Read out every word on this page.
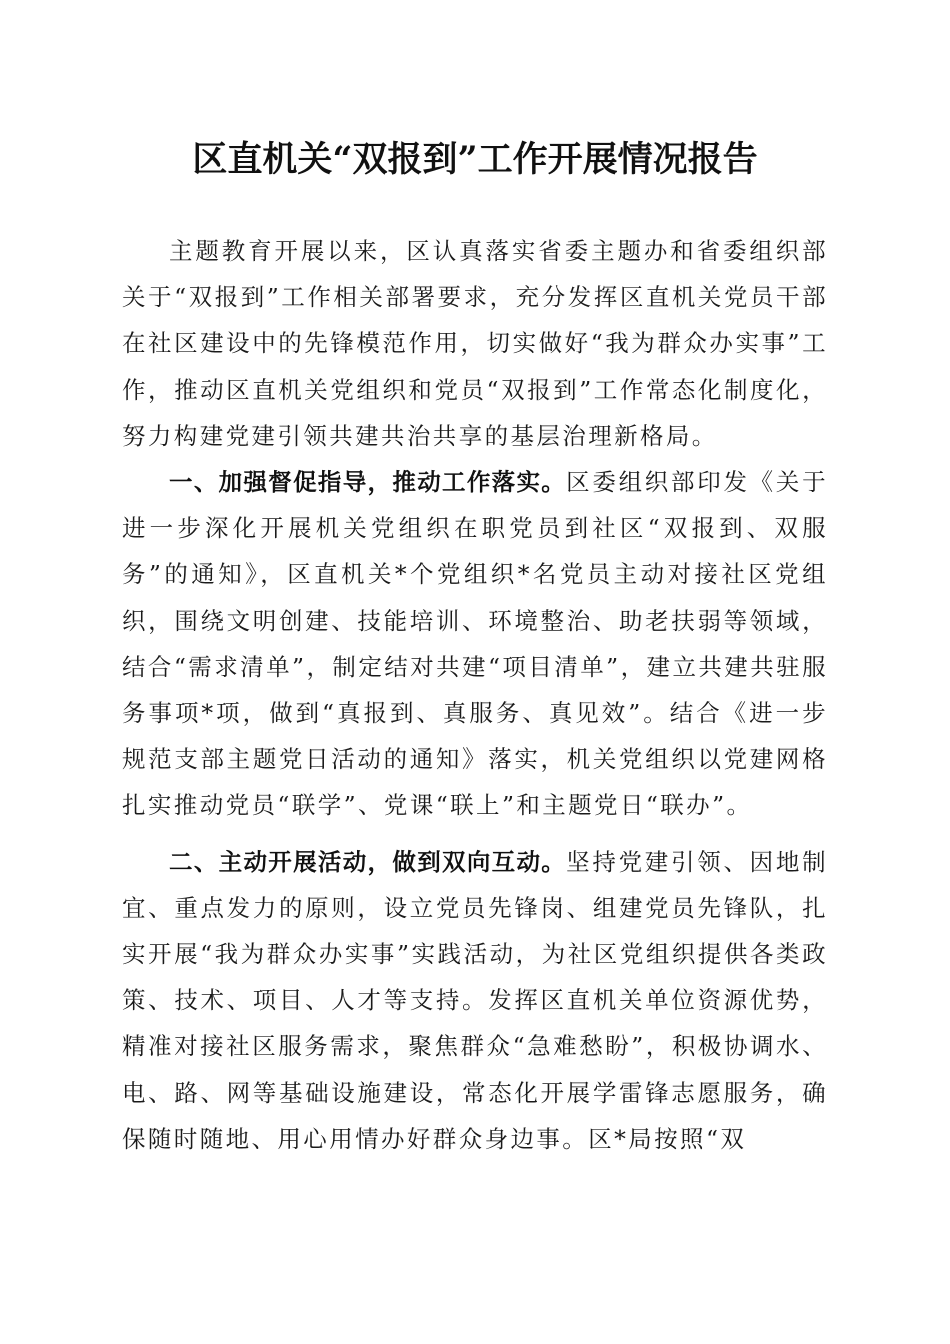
区直机关“双报到”工作开展情况报告

主题教育开展以来，区认真落实省委主题办和省委组织部关于“双报到”工作相关部署要求，充分发挥区直机关党员干部在社区建设中的先锋模范作用，切实做好“我为群众办实事”工作，推动区直机关党组织和党员“双报到”工作常态化制度化，努力构建党建引领共建共治共享的基层治理新格局。

一、加强督促指导，推动工作落实。区委组织部印发《关于进一步深化开展机关党组织在职党员到社区“双报到、双服务”的通知》，区直机关*个党组织*名党员主动对接社区党组织，围绕文明创建、技能培训、环境整治、助老扶弱等领域，结合“需求清单”，制定结对共建“项目清单”，建立共建共驻服务事项*项，做到“真报到、真服务、真见效”。结合《进一步规范支部主题党日活动的通知》落实，机关党组织以党建网格扎实推动党员“联学”、党课“联上”和主题党日“联办”。

二、主动开展活动，做到双向互动。坚持党建引领、因地制宜、重点发力的原则，设立党员先锋岗、组建党员先锋队，扎实开展“我为群众办实事”实践活动，为社区党组织提供各类政策、技术、项目、人才等支持。发挥区直机关单位资源优势，精准对接社区服务需求，聚焦群众“急难愁盼”，积极协调水、电、路、网等基础设施建设，常态化开展学雷锋志愿服务，确保随时随地、用心用情办好群众身边事。区*局按照“双
